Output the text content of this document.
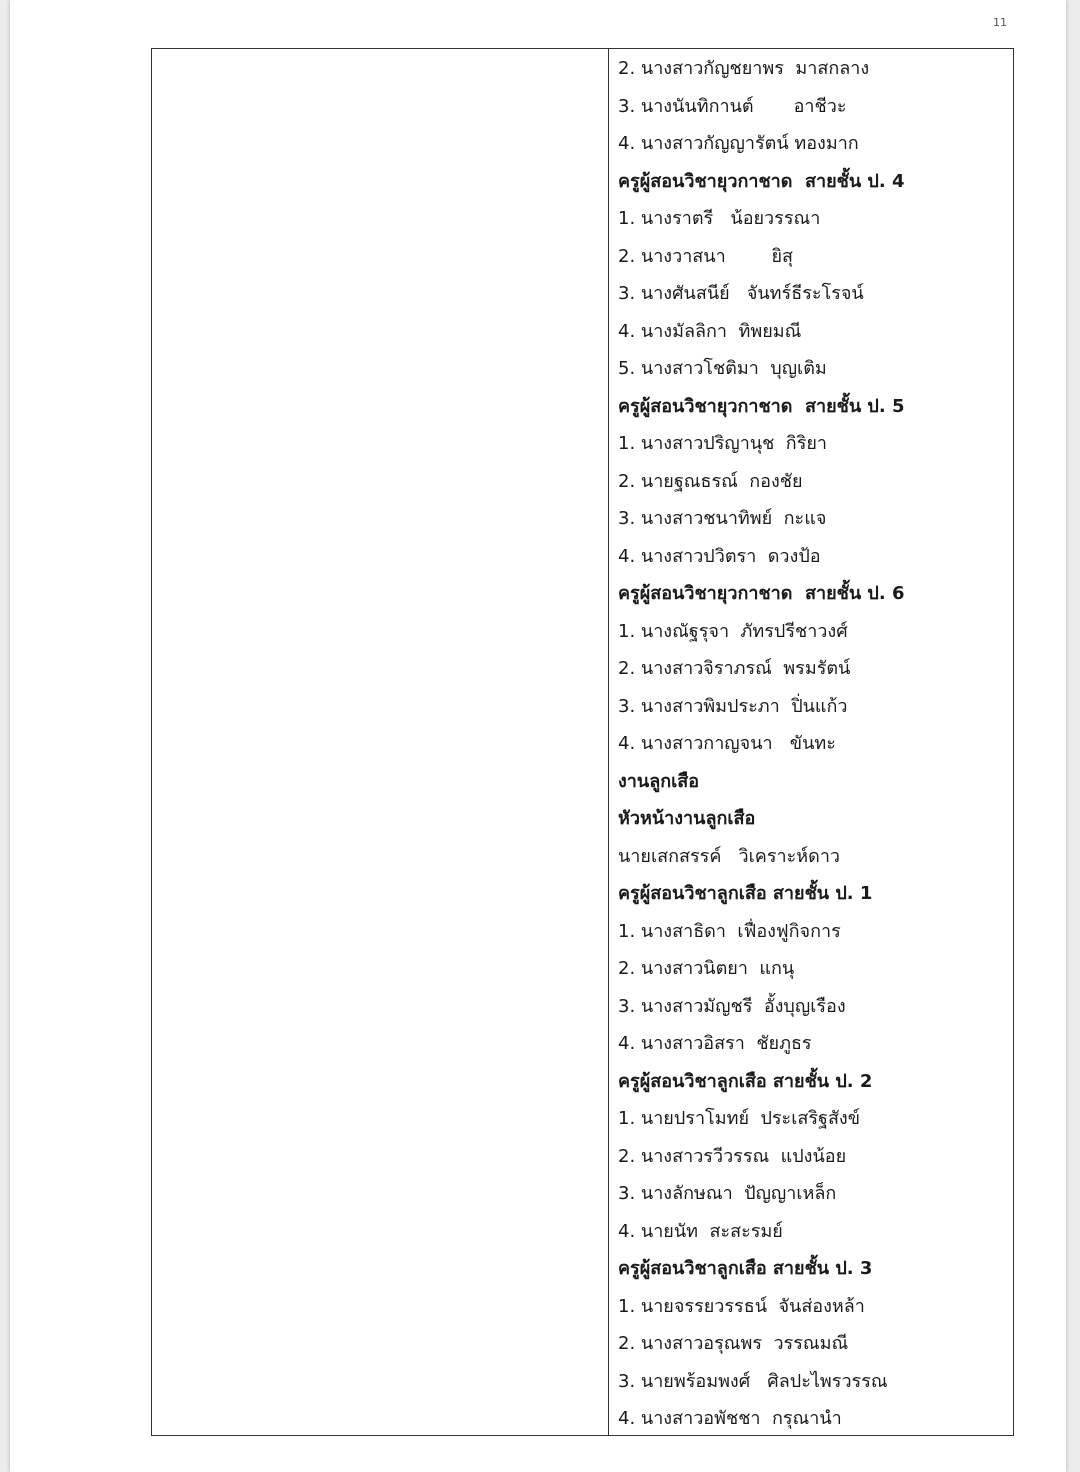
11
2. นางสาวกัญชยาพร  มาสกลาง
3. นางนันทิกานต์       อาชีวะ
4. นางสาวกัญญารัตน์ ทองมาก
ครูผู้สอนวิชายุวกาชาด  สายชั้น ป. 4
1. นางราตรี   น้อยวรรณา
2. นางวาสนา        ยิสุ
3. นางศันสนีย์   จันทร์ธีระโรจน์
4. นางมัลลิกา  ทิพยมณี
5. นางสาวโชติมา  บุญเติม
ครูผู้สอนวิชายุวกาชาด  สายชั้น ป. 5
1. นางสาวปริญานุช  กิริยา
2. นายฐณธรณ์  กองชัย
3. นางสาวชนาทิพย์  กะแจ
4. นางสาวปวิตรา  ดวงป้อ
ครูผู้สอนวิชายุวกาชาด  สายชั้น ป. 6
1. นางณัฐรุจา  ภัทรปรีชาวงศ์
2. นางสาวจิราภรณ์  พรมรัตน์
3. นางสาวพิมประภา  ปิ่นแก้ว
4. นางสาวกาญจนา   ขันทะ
งานลูกเสือ
หัวหน้างานลูกเสือ
นายเสกสรรค์   วิเคราะห์ดาว
ครูผู้สอนวิชาลูกเสือ สายชั้น ป. 1
1. นางสาธิดา  เฟื่องฟูกิจการ
2. นางสาวนิตยา  แกนุ
3. นางสาวมัญชรี  อั้งบุญเรือง
4. นางสาวอิสรา  ชัยภูธร
ครูผู้สอนวิชาลูกเสือ สายชั้น ป. 2
1. นายปราโมทย์  ประเสริฐสังข์
2. นางสาวรวีวรรณ  แปงน้อย
3. นางลักษณา  ปัญญาเหล็ก
4. นายนัท  สะสะรมย์
ครูผู้สอนวิชาลูกเสือ สายชั้น ป. 3
1. นายจรรยวรรธน์  จันส่องหล้า
2. นางสาวอรุณพร  วรรณมณี
3. นายพร้อมพงศ์   ศิลปะไพรวรรณ
4. นางสาวอพัชชา  กรุณานำ
